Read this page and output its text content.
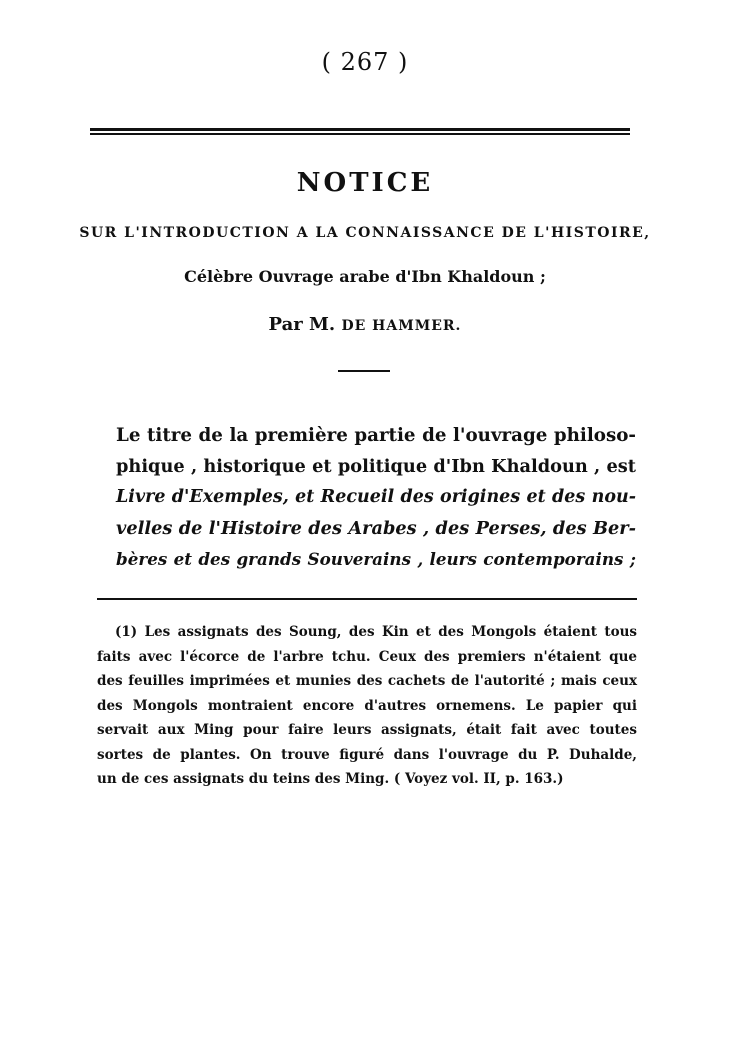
( 267 )
NOTICE
SUR L'INTRODUCTION A LA CONNAISSANCE DE L'HISTOIRE,
Célèbre Ouvrage arabe d'Ibn Khaldoun ;
Par M. DE HAMMER.
Le titre de la première partie de l'ouvrage philoso-
phique , historique et politique d'Ibn Khaldoun , est
Livre d'Exemples, et Recueil des origines et des nou-
velles de l'Histoire des Arabes , des Perses, des Ber-
bères et des grands Souverains , leurs contemporains ;
(1) Les assignats des Soung, des Kin et des Mongols étaient tous
faits avec l'écorce de l'arbre tchu. Ceux des premiers n'étaient que
des feuilles imprimées et munies des cachets de l'autorité ; mais ceux
des Mongols montraient encore d'autres ornemens. Le papier qui
servait aux Ming pour faire leurs assignats, était fait avec toutes
sortes de plantes. On trouve figuré dans l'ouvrage du P. Duhalde,
un de ces assignats du teins des Ming. ( Voyez vol. II, p. 163.)
